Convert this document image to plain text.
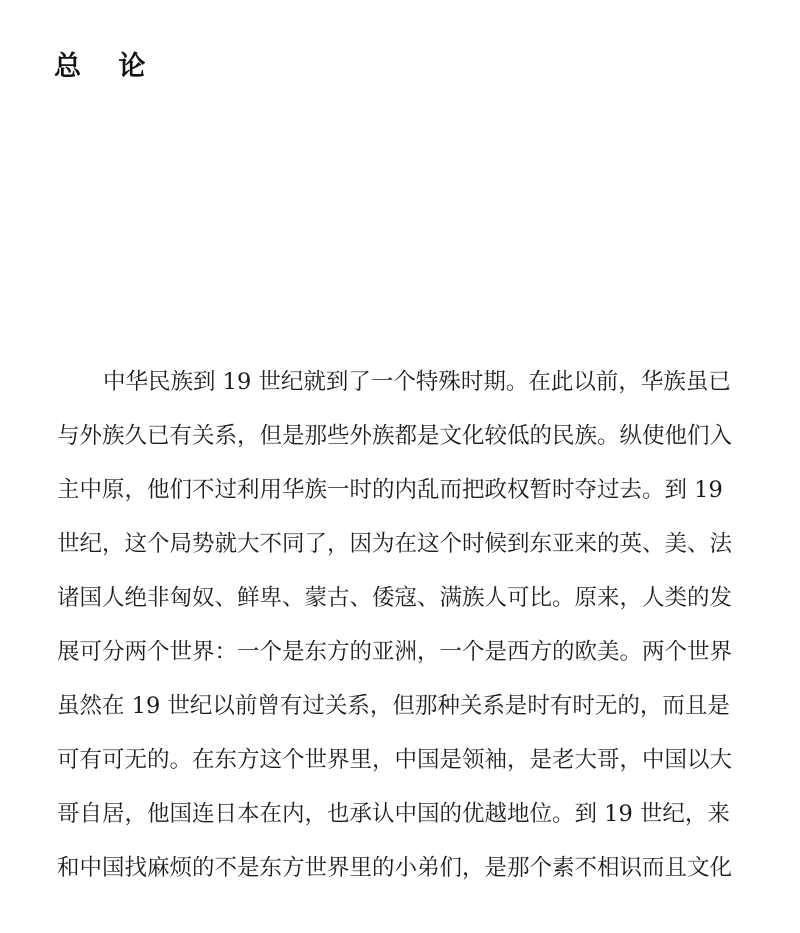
总 论
中华民族到 19 世纪就到了一个特殊时期。在此以前，华族虽已
与外族久已有关系，但是那些外族都是文化较低的民族。纵使他们入
主中原，他们不过利用华族一时的内乱而把政权暂时夺过去。到 19
世纪，这个局势就大不同了，因为在这个时候到东亚来的英、美、法
诸国人绝非匈奴、鲜卑、蒙古、倭寇、满族人可比。原来，人类的发
展可分两个世界：一个是东方的亚洲，一个是西方的欧美。两个世界
虽然在 19 世纪以前曾有过关系，但那种关系是时有时无的，而且是
可有可无的。在东方这个世界里，中国是领袖，是老大哥，中国以大
哥自居，他国连日本在内，也承认中国的优越地位。到 19 世纪，来
和中国找麻烦的不是东方世界里的小弟们，是那个素不相识而且文化
